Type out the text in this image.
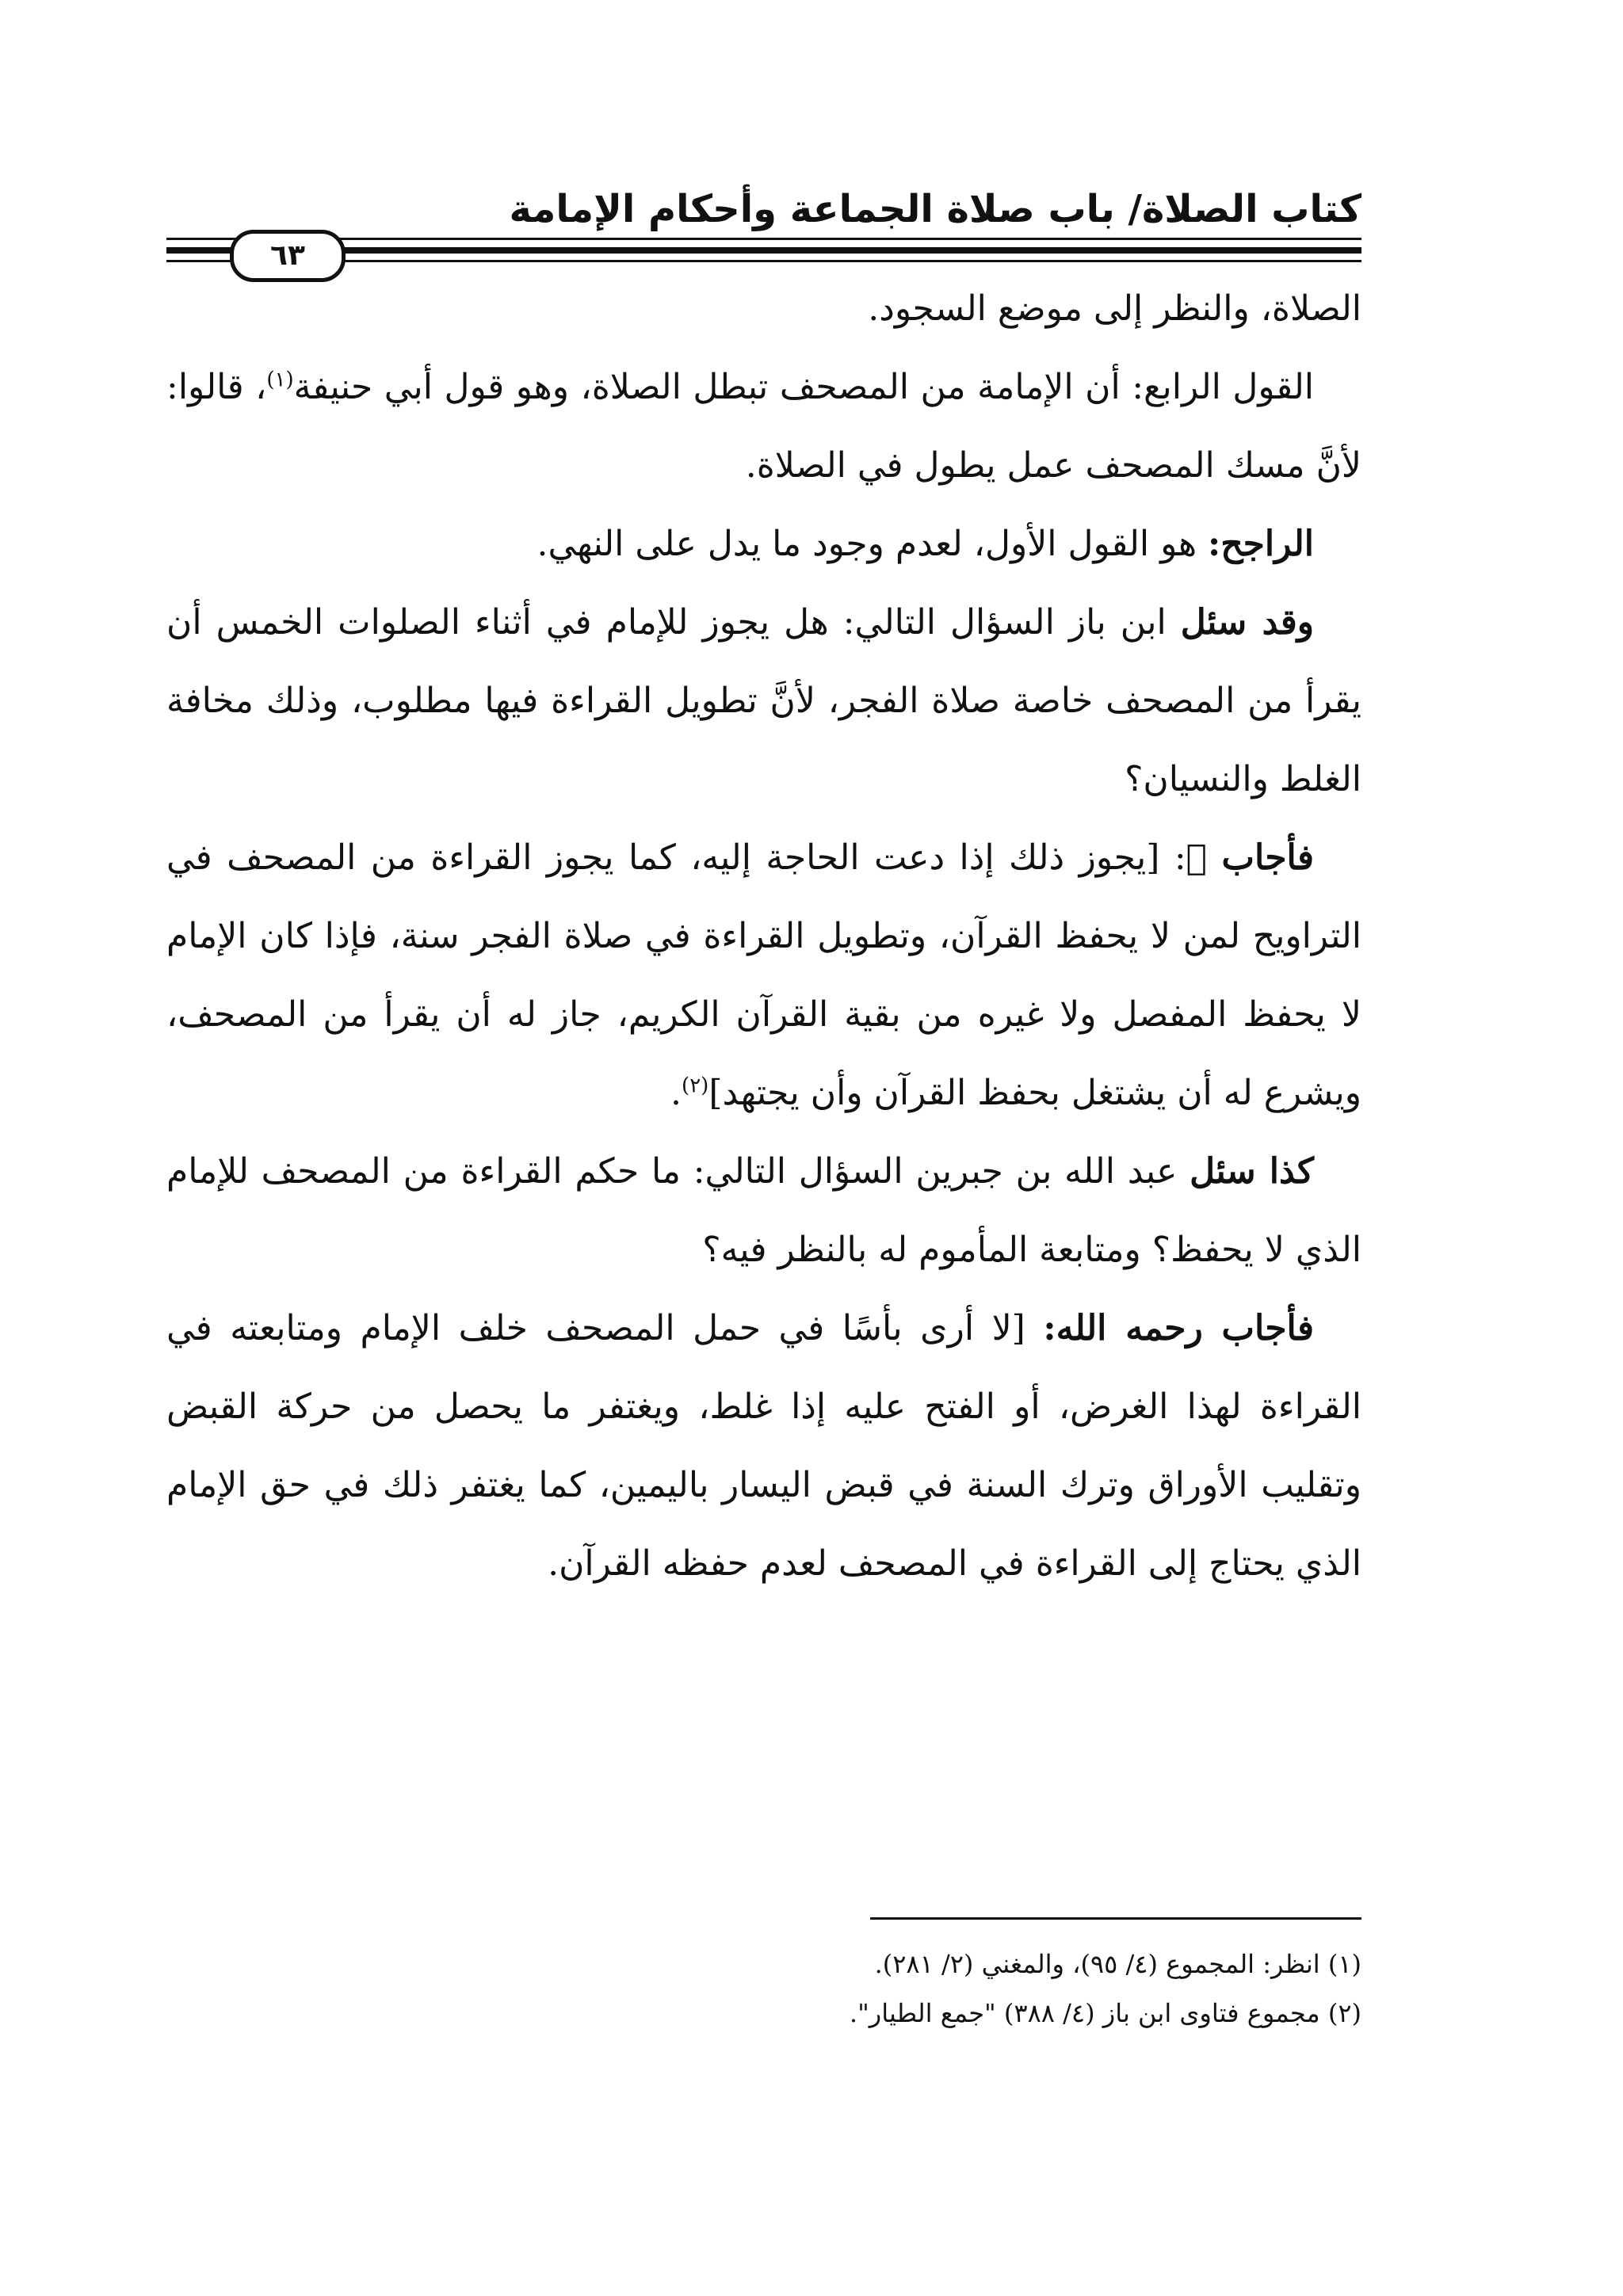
كتاب الصلاة/ باب صلاة الجماعة وأحكام الإمامة
٦٣

الصلاة، والنظر إلى موضع السجود.

القول الرابع: أن الإمامة من المصحف تبطل الصلاة، وهو قول أبي حنيفة$^{(١)}$، قالوا: لأنَّ مسك المصحف عمل يطول في الصلاة.

الراجح: هو القول الأول، لعدم وجود ما يدل على النهي.

وقد سئل ابن باز السؤال التالي: هل يجوز للإمام في أثناء الصلوات الخمس أن يقرأ من المصحف خاصة صلاة الفجر، لأنَّ تطويل القراءة فيها مطلوب، وذلك مخافة الغلط والنسيان؟

فأجاب ﷬: [يجوز ذلك إذا دعت الحاجة إليه، كما يجوز القراءة من المصحف في التراويح لمن لا يحفظ القرآن، وتطويل القراءة في صلاة الفجر سنة، فإذا كان الإمام لا يحفظ المفصل ولا غيره من بقية القرآن الكريم، جاز له أن يقرأ من المصحف، ويشرع له أن يشتغل بحفظ القرآن وأن يجتهد]$^{(٢)}$.

كذا سئل عبد الله بن جبرين السؤال التالي: ما حكم القراءة من المصحف للإمام الذي لا يحفظ؟ ومتابعة المأموم له بالنظر فيه؟

فأجاب رحمه الله: [لا أرى بأسًا في حمل المصحف خلف الإمام ومتابعته في القراءة لهذا الغرض، أو الفتح عليه إذا غلط، ويغتفر ما يحصل من حركة القبض وتقليب الأوراق وترك السنة في قبض اليسار باليمين، كما يغتفر ذلك في حق الإمام الذي يحتاج إلى القراءة في المصحف لعدم حفظه القرآن.

(١) انظر: المجموع (٤/ ٩٥)، والمغني (٢/ ٢٨١).

(٢) مجموع فتاوى ابن باز (٤/ ٣٨٨) "جمع الطيار".
